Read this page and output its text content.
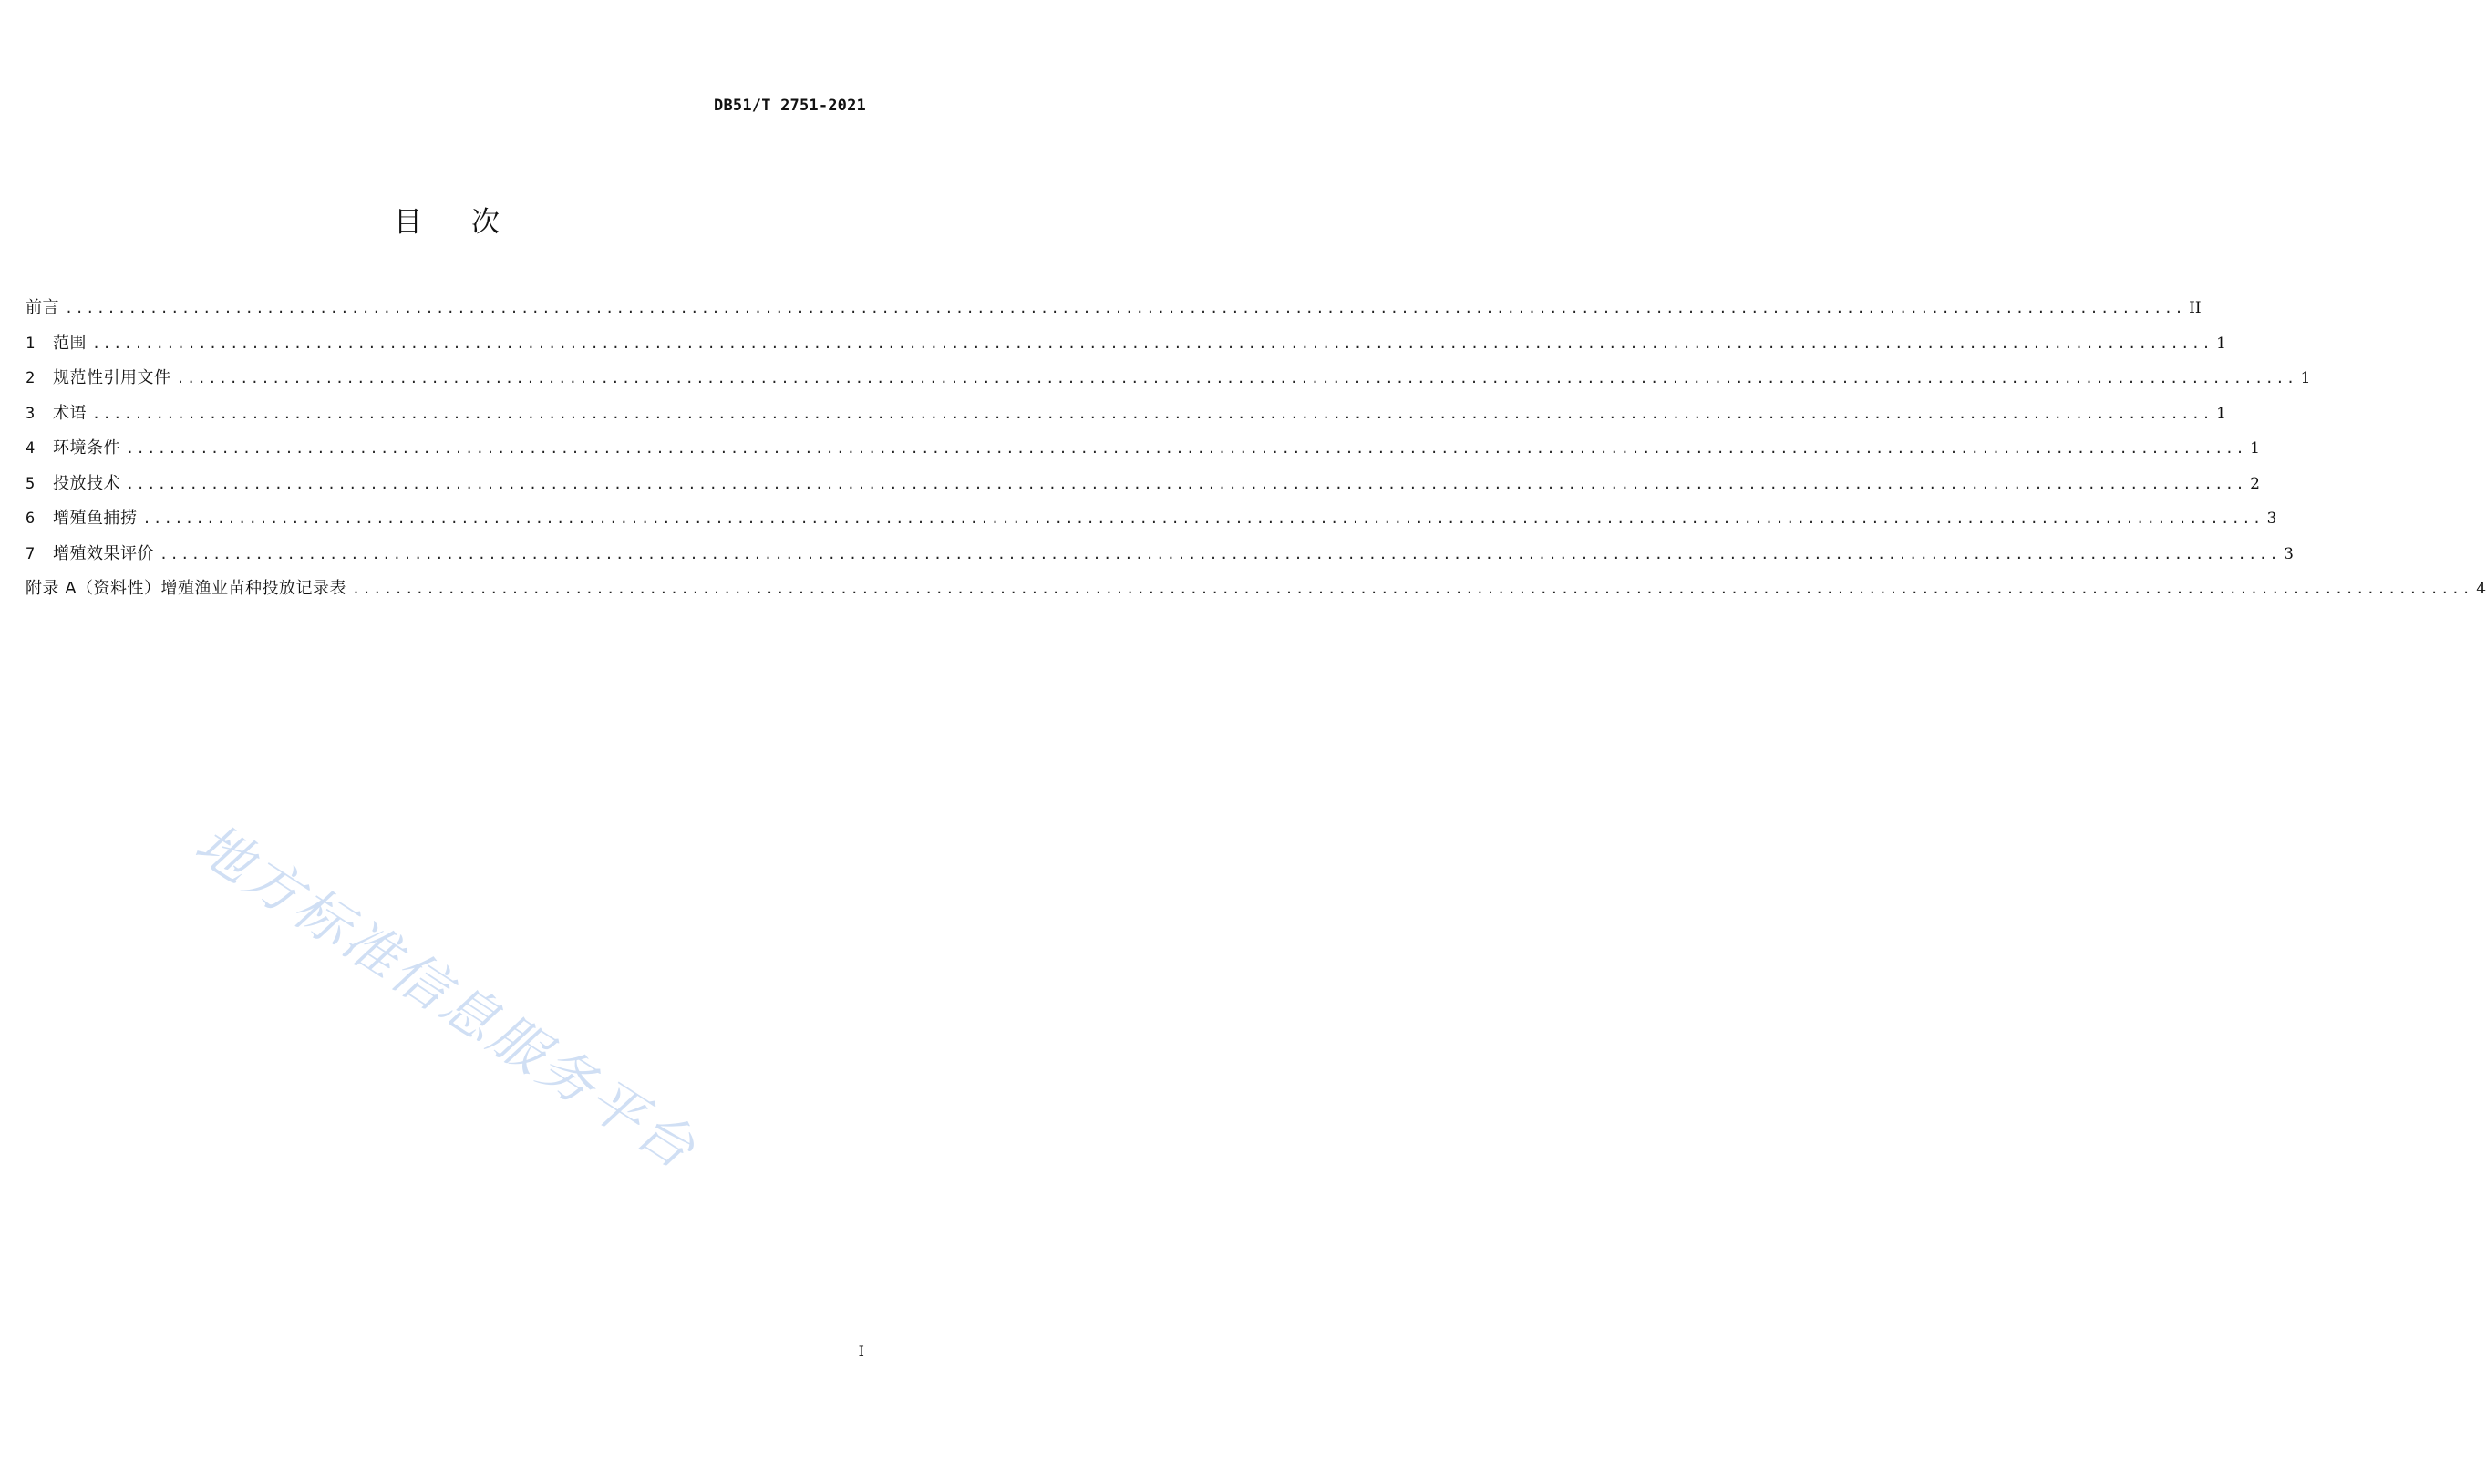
DB51/T 2751-2021
目次
前言 ........................................................................................................................................................................................................ II
1	范围 ........................................................................................................................................................................................................ 1
2	规范性引用文件 ........................................................................................................................................................................................................ 1
3	术语 ........................................................................................................................................................................................................ 1
4	环境条件 ........................................................................................................................................................................................................ 1
5	投放技术 ........................................................................................................................................................................................................ 2
6	增殖鱼捕捞 ........................................................................................................................................................................................................ 3
7	增殖效果评价 ........................................................................................................................................................................................................ 3
附录 A（资料性）增殖渔业苗种投放记录表 ........................................................................................................................................................................................................ 4
地方标准信息服务平台
I
